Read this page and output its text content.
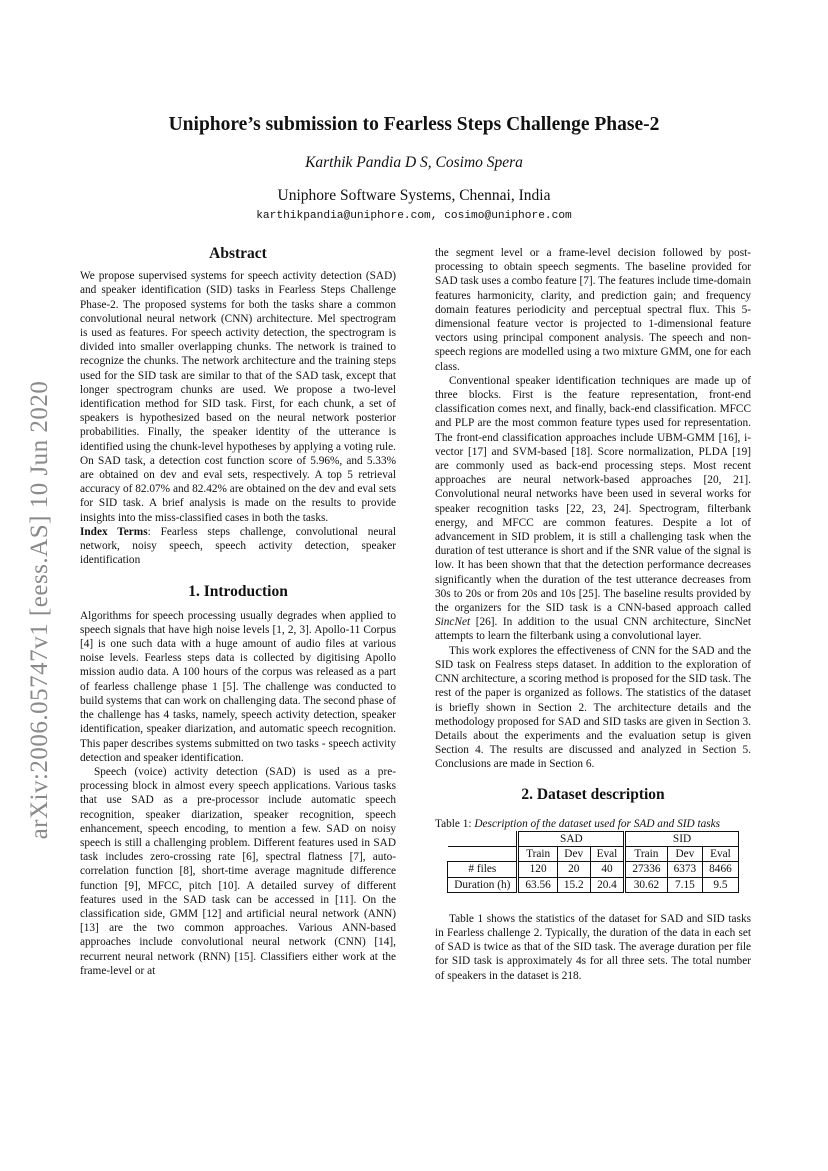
arXiv:2006.05747v1 [eess.AS] 10 Jun 2020
Uniphore’s submission to Fearless Steps Challenge Phase-2
Karthik Pandia D S, Cosimo Spera
Uniphore Software Systems, Chennai, India
karthikpandia@uniphore.com, cosimo@uniphore.com
Abstract

We propose supervised systems for speech activity detection (SAD) and speaker identification (SID) tasks in Fearless Steps Challenge Phase-2. The proposed systems for both the tasks share a common convolutional neural network (CNN) architecture. Mel spectrogram is used as features. For speech activity detection, the spectrogram is divided into smaller overlapping chunks. The network is trained to recognize the chunks. The network architecture and the training steps used for the SID task are similar to that of the SAD task, except that longer spectrogram chunks are used. We propose a two-level identification method for SID task. First, for each chunk, a set of speakers is hypothesized based on the neural network posterior probabilities. Finally, the speaker identity of the utterance is identified using the chunk-level hypotheses by applying a voting rule. On SAD task, a detection cost function score of 5.96%, and 5.33% are obtained on dev and eval sets, respectively. A top 5 retrieval accuracy of 82.07% and 82.42% are obtained on the dev and eval sets for SID task. A brief analysis is made on the results to provide insights into the miss-classified cases in both the tasks.

Index Terms: Fearless steps challenge, convolutional neural network, noisy speech, speech activity detection, speaker identification

1. Introduction

Algorithms for speech processing usually degrades when applied to speech signals that have high noise levels [1, 2, 3]. Apollo-11 Corpus [4] is one such data with a huge amount of audio files at various noise levels. Fearless steps data is collected by digitising Apollo mission audio data. A 100 hours of the corpus was released as a part of fearless challenge phase 1 [5]. The challenge was conducted to build systems that can work on challenging data. The second phase of the challenge has 4 tasks, namely, speech activity detection, speaker identification, speaker diarization, and automatic speech recognition. This paper describes systems submitted on two tasks - speech activity detection and speaker identification.

Speech (voice) activity detection (SAD) is used as a pre-processing block in almost every speech applications. Various tasks that use SAD as a pre-processor include automatic speech recognition, speaker diarization, speaker recognition, speech enhancement, speech encoding, to mention a few. SAD on noisy speech is still a challenging problem. Different features used in SAD task includes zero-crossing rate [6], spectral flatness [7], auto-correlation function [8], short-time average magnitude difference function [9], MFCC, pitch [10]. A detailed survey of different features used in the SAD task can be accessed in [11]. On the classification side, GMM [12] and artificial neural network (ANN) [13] are the two common approaches. Various ANN-based approaches include convolutional neural network (CNN) [14], recurrent neural network (RNN) [15]. Classifiers either work at the frame-level or at

the segment level or a frame-level decision followed by post-processing to obtain speech segments. The baseline provided for SAD task uses a combo feature [7]. The features include time-domain features harmonicity, clarity, and prediction gain; and frequency domain features periodicity and perceptual spectral flux. This 5-dimensional feature vector is projected to 1-dimensional feature vectors using principal component analysis. The speech and non-speech regions are modelled using a two mixture GMM, one for each class.

Conventional speaker identification techniques are made up of three blocks. First is the feature representation, front-end classification comes next, and finally, back-end classification. MFCC and PLP are the most common feature types used for representation. The front-end classification approaches include UBM-GMM [16], i-vector [17] and SVM-based [18]. Score normalization, PLDA [19] are commonly used as back-end processing steps. Most recent approaches are neural network-based approaches [20, 21]. Convolutional neural networks have been used in several works for speaker recognition tasks [22, 23, 24]. Spectrogram, filterbank energy, and MFCC are common features. Despite a lot of advancement in SID problem, it is still a challenging task when the duration of test utterance is short and if the SNR value of the signal is low. It has been shown that that the detection performance decreases significantly when the duration of the test utterance decreases from 30s to 20s or from 20s and 10s [25]. The baseline results provided by the organizers for the SID task is a CNN-based approach called SincNet [26]. In addition to the usual CNN architecture, SincNet attempts to learn the filterbank using a convolutional layer.

This work explores the effectiveness of CNN for the SAD and the SID task on Fealress steps dataset. In addition to the exploration of CNN architecture, a scoring method is proposed for the SID task. The rest of the paper is organized as follows. The statistics of the dataset is briefly shown in Section 2. The architecture details and the methodology proposed for SAD and SID tasks are given in Section 3. Details about the experiments and the evaluation setup is given Section 4. The results are discussed and analyzed in Section 5. Conclusions are made in Section 6.

2. Dataset description

Table 1: Description of the dataset used for SAD and SID tasks

	SAD			SID		
	Train	Dev	Eval	Train	Dev	Eval
# files	120	20	40	27336	6373	8466
Duration (h)	63.56	15.2	20.4	30.62	7.15	9.5

Table 1 shows the statistics of the dataset for SAD and SID tasks in Fearless challenge 2. Typically, the duration of the data in each set of SAD is twice as that of the SID task. The average duration per file for SID task is approximately 4s for all three sets. The total number of speakers in the dataset is 218.
